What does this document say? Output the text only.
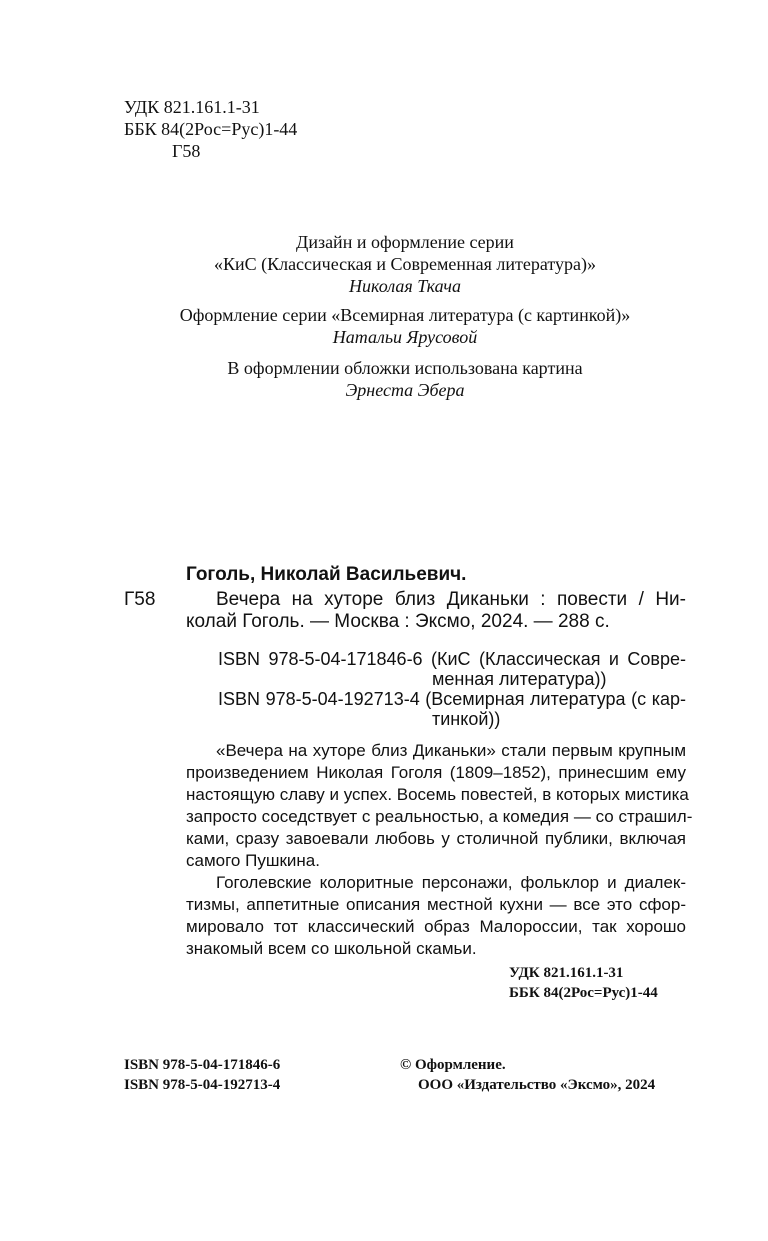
УДК 821.161.1-31
ББК 84(2Рос=Рус)1-44
Г58
Дизайн и оформление серии
«КиС (Классическая и Современная литература)»
Николая Ткача
Оформление серии «Всемирная литература (с картинкой)»
Натальи Ярусовой
В оформлении обложки использована картина
Эрнеста Эбера
Гоголь, Николай Васильевич.
Г58	Вечера на хуторе близ Диканьки : повести / Ни-
колай Гоголь. — Москва : Эксмо, 2024. — 288 с.
ISBN 978-5-04-171846-6 (КиС (Классическая и Совре-
менная литература))
ISBN 978-5-04-192713-4 (Всемирная литература (с кар-
тинкой))
«Вечера на хуторе близ Диканьки» стали первым крупным
произведением Николая Гоголя (1809–1852), принесшим ему
настоящую славу и успех. Восемь повестей, в которых мистика
запросто соседствует с реальностью, а комедия — со страшил-
ками, сразу завоевали любовь у столичной публики, включая
самого Пушкина.
Гоголевские колоритные персонажи, фольклор и диалек-
тизмы, аппетитные описания местной кухни — все это сфор-
мировало тот классический образ Малороссии, так хорошо
знакомый всем со школьной скамьи.
УДК 821.161.1-31
ББК 84(2Рос=Рус)1-44
ISBN 978-5-04-171846-6
ISBN 978-5-04-192713-4
© Оформление.
ООО «Издательство «Эксмо», 2024
